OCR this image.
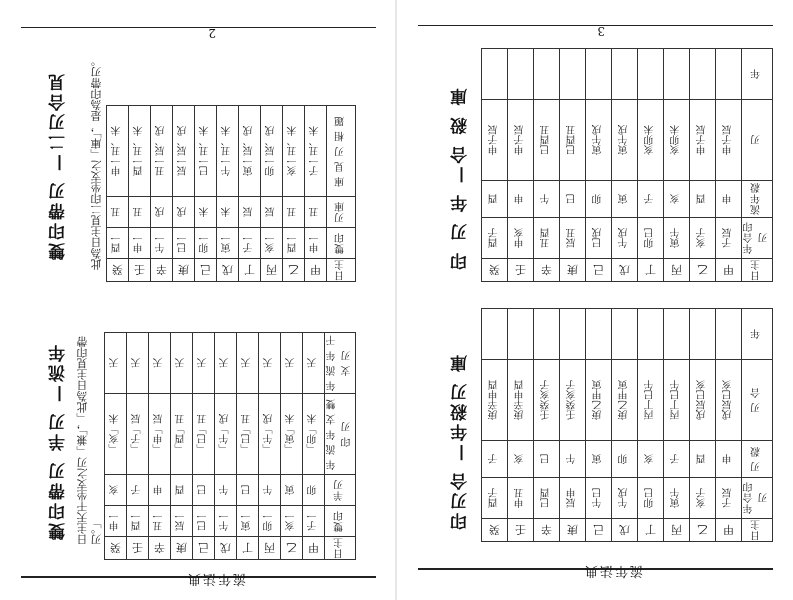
流年法典
2
雙印帶刃 —二刃合見 此為日主見二印坐支之「庫」，是為印帶刃。	日主	甲	乙	丙	丁	戊	己	庚	辛	壬	癸
雙印	申一	酉一	亥一	子一	寅一	卯一	巳一	午一	申一	酉一
刃庫	丑	丑	辰	辰	未	未	戌	戌	丑	丑
庫 見 刃 相 題	子一丑、未	亥一丑、未	卯一辰、戌	寅一辰、戌	午一丑、未	巳一丑、未	辰一辰、戌	丑一辰、戌	酉一丑、未	申一丑、未
雙印帶刃 羊刃 —流年 日主天干坐支之刃「兼」，「此為日主見印帶刃。」
日主	甲	乙	丙	丁	戊	己	庚	辛	壬	癸
雙印	子一	亥一	卯一	寅一	午一	巳一	辰一	丑一	酉一	申一
羊刃	卯	寅	午	巳	午	巳	酉	申	子	亥
年 流 年 支 雙 印 刃	「卯」未	「寅」未	「午」戌	「巳」丑	「午」戌	「巳」丑	「酉」丑	「申」辰	「子」辰	「亥」未
年 流 年 干 支 刃	天	天	天	天	天	天	天	天	天	天
流年法典
3
印 刃 年 —合 殺 庫	日主	甲	乙	丙	丁	戊	己	庚	辛	壬	癸
年合印刃	子辰	亥子	寅午	卯巳	午戌	巳戌	辰丑	丑酉	申亥	酉子
流年殺	申	酉	亥	子	寅	卯	巳	午	申	酉
刃	申子辰	申子辰	亥卯未	亥卯未	寅午戌	寅午戌	巳酉丑	巳酉丑	申子辰	申子辰
年										
印刃合 —年殺刃 庫	日主	甲	乙	丙	丁	戊	己	庚	辛	壬	癸
年合印刃	子辰	亥子	寅午	卯巳	午戌	午巳	辰申	巳酉	申丑	酉子
刃 殺	申	酉	子	亥	卯	寅	午	巳	亥	子
刃 合	戌辰巳亥	戌辰巳亥	丙丁巳午	丙丁巳午	庚乙甲寅	庚乙甲寅	壬癸亥子	壬癸亥子	庚辛申酉	庚辛申酉
年										
